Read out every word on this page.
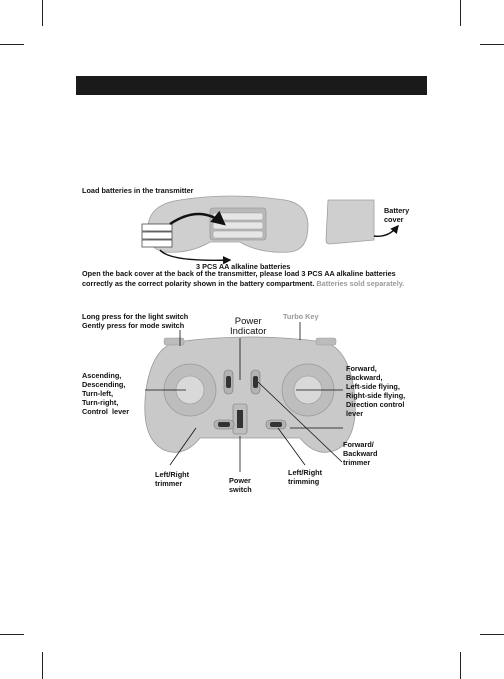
Load batteries in the transmitter
Battery
cover
3 PCS AA alkaline batteries
Open the back cover at the back of the transmitter, please load 3 PCS AA alkaline batteries
correctly as the correct polarity shown in the battery compartment. Batteries sold separately.
Long press for the light switch
Gently press for mode switch	Power
Indicator
Turbo Key
Ascending,
Descending,
Turn-left,
Turn-right,
Control  lever
Forward,
Backward,
Left-side flying,
Right-side flying,
Direction control
lever
Forward/
Backward
trimmer
Left/Right
trimmer	Power
switch
Left/Right
trimming
